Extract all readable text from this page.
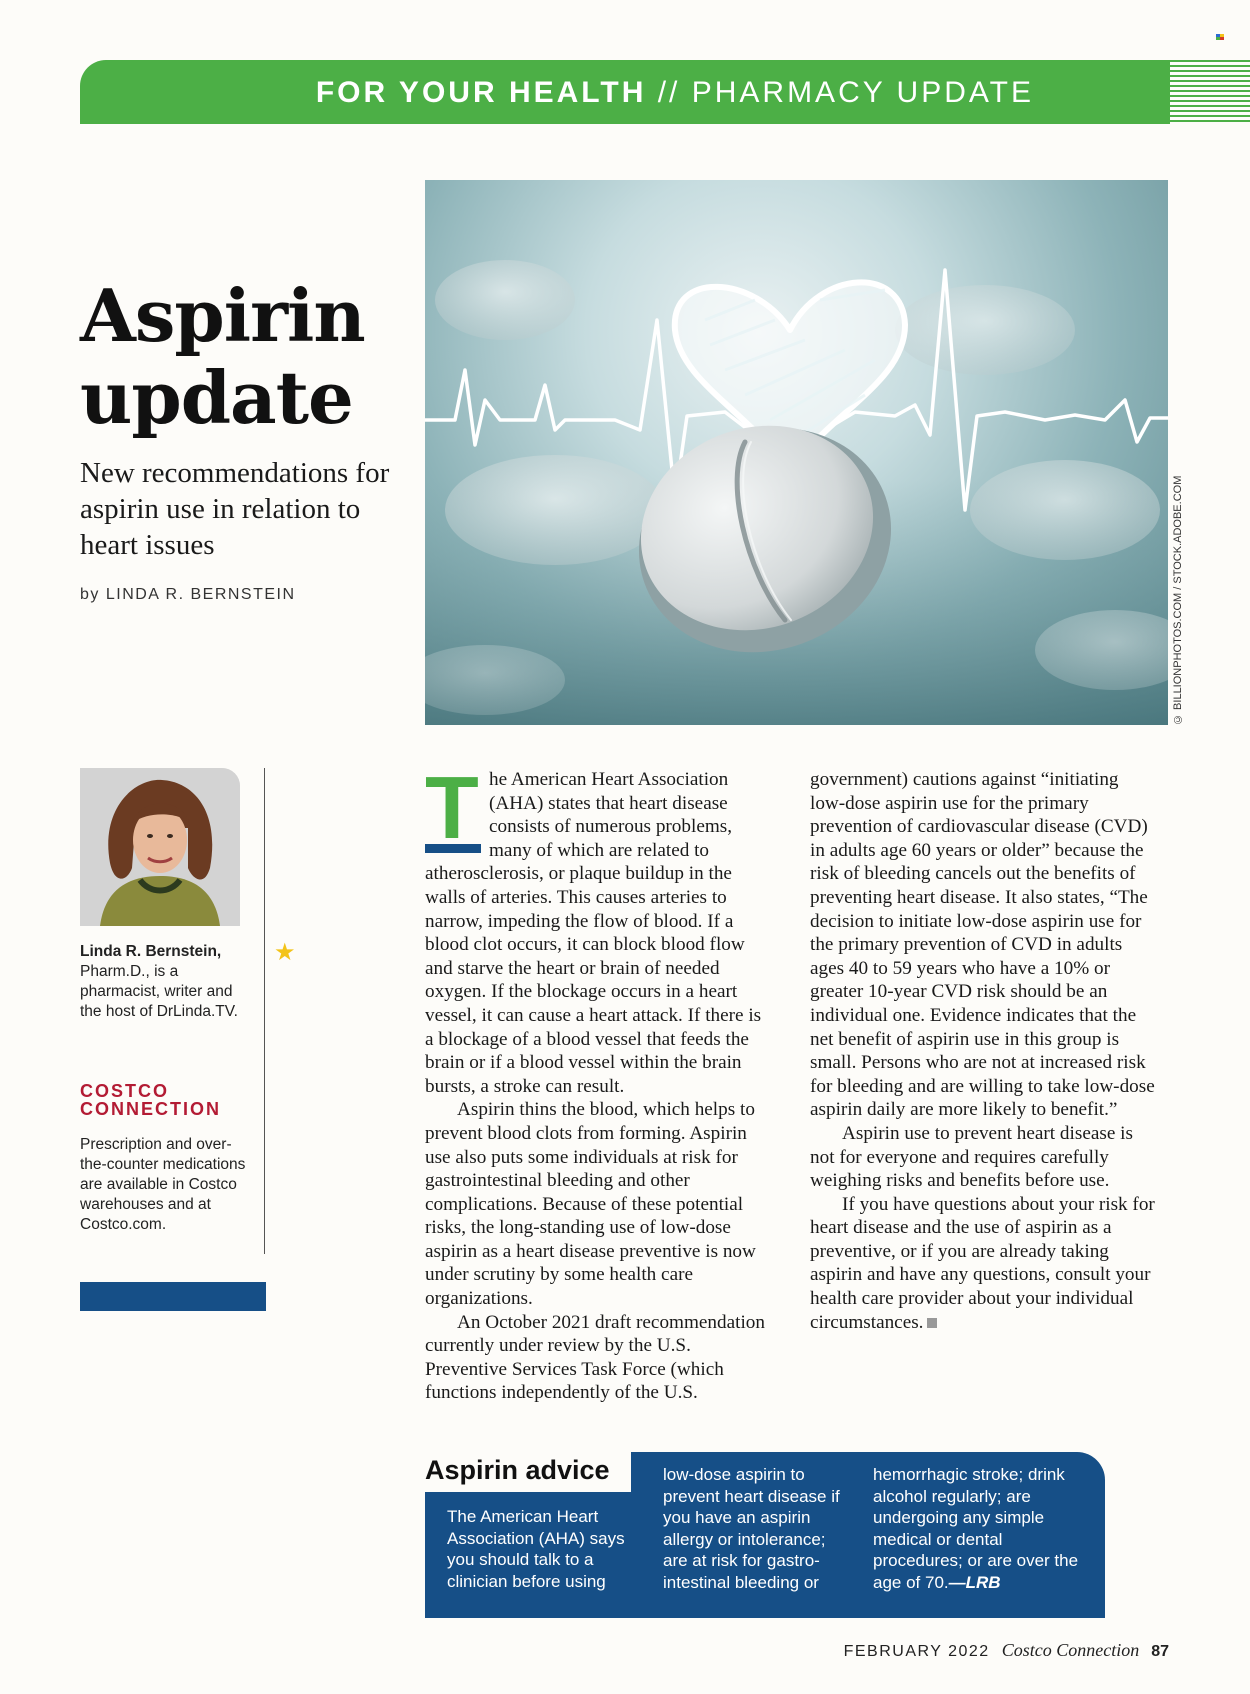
FOR YOUR HEALTH // PHARMACY UPDATE
© BILLIONPHOTOS.COM / STOCK.ADOBE.COM
Aspirin
update
New recommendations for aspirin use in relation to heart issues
by LINDA R. BERNSTEIN
★
Linda R. Bernstein,
Pharm.D., is a pharmacist, writer and the host of DrLinda.TV.
COSTCO CONNECTION
Prescription and over-the-counter medications are available in Costco warehouses and at Costco.com.
T he American Heart Association (AHA) states that heart disease consists of numerous problems, many of which are related to atherosclerosis, or plaque buildup in the walls of arteries. This causes arteries to narrow, impeding the flow of blood. If a blood clot occurs, it can block blood flow and starve the heart or brain of needed oxygen. If the blockage occurs in a heart vessel, it can cause a heart attack. If there is a blockage of a blood vessel that feeds the brain or if a blood vessel within the brain bursts, a stroke can result.

Aspirin thins the blood, which helps to prevent blood clots from forming. Aspirin use also puts some individuals at risk for gastrointestinal bleeding and other complications. Because of these potential risks, the long-standing use of low-dose aspirin as a heart disease preventive is now under scrutiny by some health care organizations.

An October 2021 draft recommendation currently under review by the U.S. Preventive Services Task Force (which functions independently of the U.S.

government) cautions against “initiating low-dose aspirin use for the primary prevention of cardiovascular disease (CVD) in adults age 60 years or older” because the risk of bleeding cancels out the benefits of preventing heart disease. It also states, “The decision to initiate low-dose aspirin use for the primary prevention of CVD in adults ages 40 to 59 years who have a 10% or greater 10-year CVD risk should be an individual one. Evidence indicates that the net benefit of aspirin use in this group is small. Persons who are not at increased risk for bleeding and are willing to take low-dose aspirin daily are more likely to benefit.”

Aspirin use to prevent heart disease is not for everyone and requires carefully weighing risks and benefits before use.

If you have questions about your risk for heart disease and the use of aspirin as a preventive, or if you are already taking aspirin and have any questions, consult your health care provider about your individual circumstances.

Aspirin advice
The American Heart Association (AHA) says you should talk to a clinician before using
low-dose aspirin to prevent heart disease if you have an aspirin allergy or intolerance; are at risk for gastro-intestinal bleeding or
hemorrhagic stroke; drink alcohol regularly; are undergoing any simple medical or dental procedures; or are over the age of 70.—LRB
FEBRUARY 2022 Costco Connection 87
